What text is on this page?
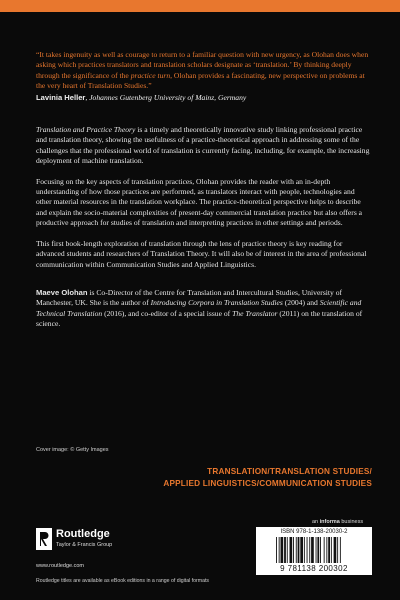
“It takes ingenuity as well as courage to return to a familiar question with new urgency, as Olohan does when asking which practices translators and translation scholars designate as ‘translation.’ By thinking deeply through the significance of the practice turn, Olohan provides a fascinating, new perspective on problems at the very heart of Translation Studies.”

Lavinia Heller, Johannes Gutenberg University of Mainz, Germany

Translation and Practice Theory is a timely and theoretically innovative study linking professional practice and translation theory, showing the usefulness of a practice-theoretical approach in addressing some of the challenges that the professional world of translation is currently facing, including, for example, the increasing deployment of machine translation.

Focusing on the key aspects of translation practices, Olohan provides the reader with an in-depth understanding of how those practices are performed, as translators interact with people, technologies and other material resources in the translation workplace. The practice-theoretical perspective helps to describe and explain the socio-material complexities of present-day commercial translation practice but also offers a productive approach for studies of translation and interpreting practices in other settings and periods.

This first book-length exploration of translation through the lens of practice theory is key reading for advanced students and researchers of Translation Theory. It will also be of interest in the area of professional communication within Communication Studies and Applied Linguistics.

Maeve Olohan is Co-Director of the Centre for Translation and Intercultural Studies, University of Manchester, UK. She is the author of Introducing Corpora in Translation Studies (2004) and Scientific and Technical Translation (2016), and co-editor of a special issue of The Translator (2011) on the translation of science.

Cover image: © Getty Images
TRANSLATION/TRANSLATION STUDIES/
APPLIED LINGUISTICS/COMMUNICATION STUDIES
an informa business
Routledge
Taylor & Francis Group
www.routledge.com
ISBN 978-1-138-20030-2
9 781138 200302
Routledge titles are available as eBook editions in a range of digital formats
